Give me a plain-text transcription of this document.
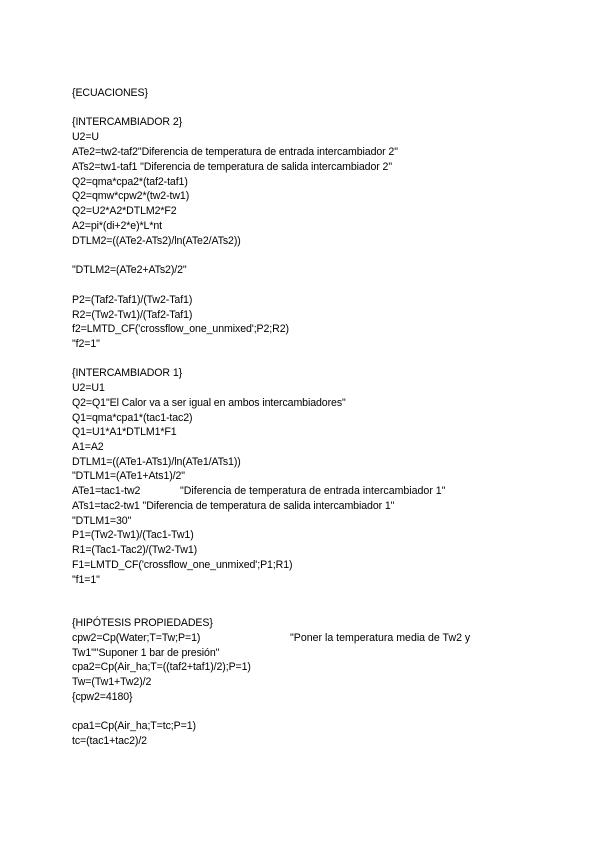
{ECUACIONES}
{INTERCAMBIADOR 2}
U2=U
ATe2=tw2-taf2"Diferencia de temperatura de entrada intercambiador 2"
ATs2=tw1-taf1 "Diferencia de temperatura de salida intercambiador 2"
Q2=qma*cpa2*(taf2-taf1)
Q2=qmw*cpw2*(tw2-tw1)
Q2=U2*A2*DTLM2*F2
A2=pi*(di+2*e)*L*nt
DTLM2=((ATe2-ATs2)/ln(ATe2/ATs2))
"DTLM2=(ATe2+ATs2)/2"
P2=(Taf2-Taf1)/(Tw2-Taf1)
R2=(Tw2-Tw1)/(Taf2-Taf1)
f2=LMTD_CF('crossflow_one_unmixed';P2;R2)
"f2=1"
{INTERCAMBIADOR 1}
U2=U1
Q2=Q1"El Calor va a ser igual en ambos intercambiadores"
Q1=qma*cpa1*(tac1-tac2)
Q1=U1*A1*DTLM1*F1
A1=A2
DTLM1=((ATe1-ATs1)/ln(ATe1/ATs1))
"DTLM1=(ATe1+Ats1)/2"
ATe1=tac1-tw2	"Diferencia de temperatura de entrada intercambiador 1"
ATs1=tac2-tw1 "Diferencia de temperatura de salida intercambiador 1"
"DTLM1=30"
P1=(Tw2-Tw1)/(Tac1-Tw1)
R1=(Tac1-Tac2)/(Tw2-Tw1)
F1=LMTD_CF('crossflow_one_unmixed';P1;R1)
"f1=1"
{HIPÓTESIS PROPIEDADES}
cpw2=Cp(Water;T=Tw;P=1)	"Poner la temperatura media de Tw2 y
Tw1""Suponer 1 bar de presión"
cpa2=Cp(Air_ha;T=((taf2+taf1)/2);P=1)
Tw=(Tw1+Tw2)/2
{cpw2=4180}
cpa1=Cp(Air_ha;T=tc;P=1)
tc=(tac1+tac2)/2
